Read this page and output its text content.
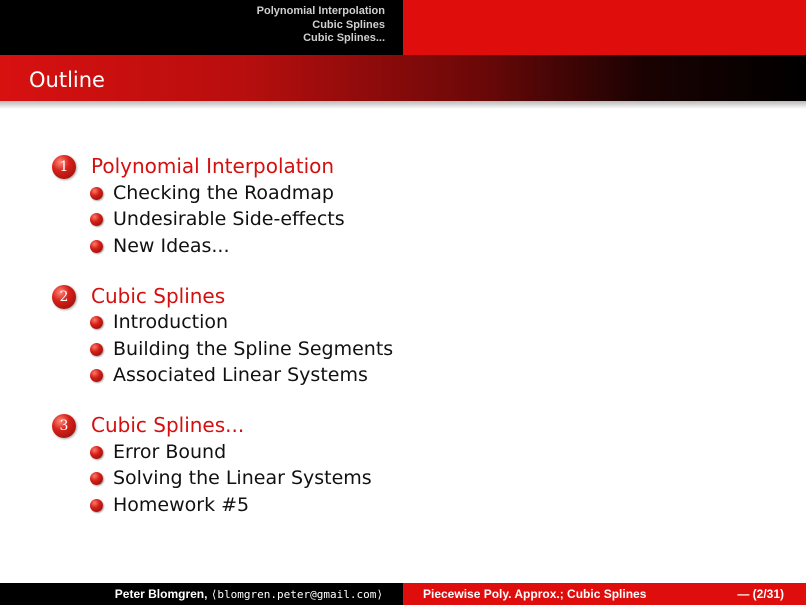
Polynomial Interpolation
Cubic Splines
Cubic Splines...
Outline
1	Polynomial Interpolation
Checking the Roadmap
Undesirable Side-effects
New Ideas...
2	Cubic Splines
Introduction
Building the Spline Segments
Associated Linear Systems
3	Cubic Splines...
Error Bound
Solving the Linear Systems
Homework #5
Peter Blomgren, ⟨blomgren.peter@gmail.com⟩	Piecewise Poly. Approx.; Cubic Splines	— (2/31)
